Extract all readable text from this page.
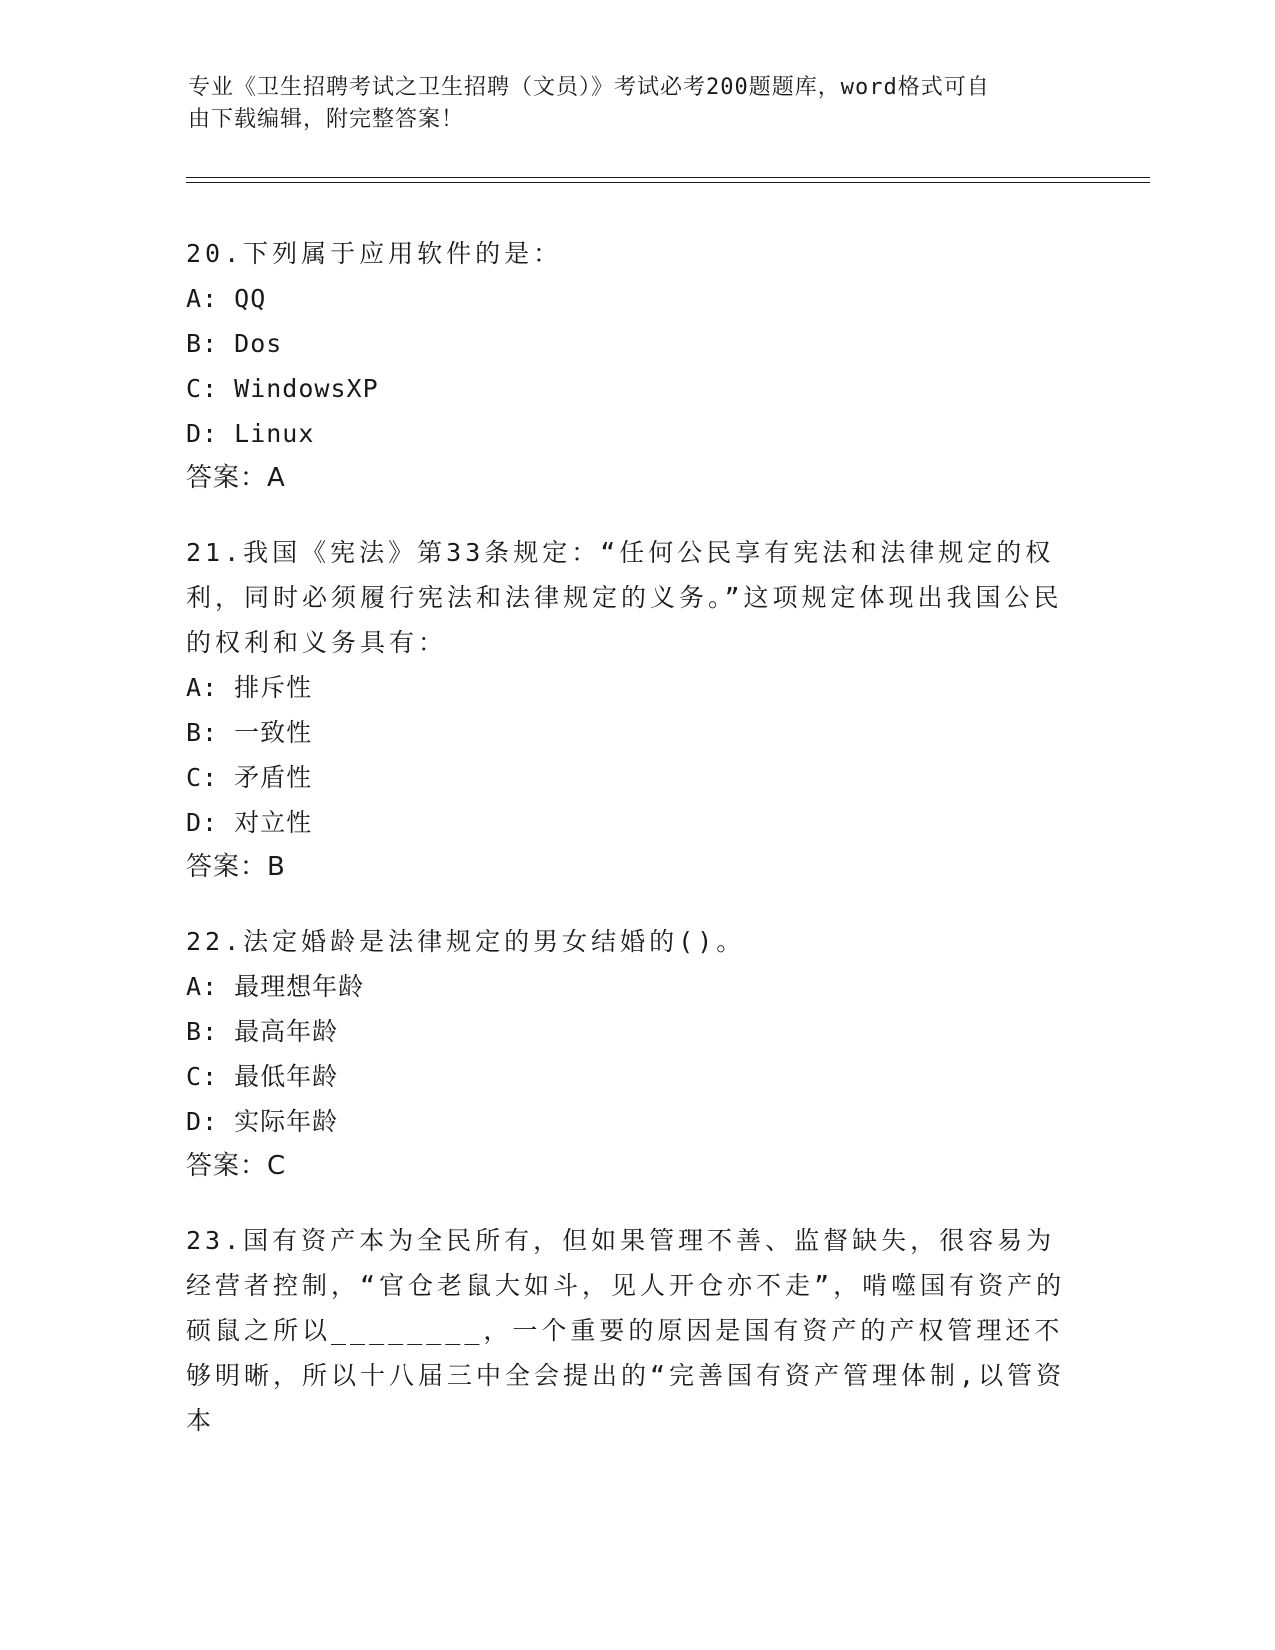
专业《卫生招聘考试之卫生招聘（文员）》考试必考200题题库，word格式可自
由下载编辑，附完整答案！
20.下列属于应用软件的是：
A: QQ
B: Dos
C: WindowsXP
D: Linux
答案：A
21.我国《宪法》第33条规定：“任何公民享有宪法和法律规定的权利，同时必须履行宪法和法律规定的义务。”这项规定体现出我国公民的权利和义务具有：
A: 排斥性
B: 一致性
C: 矛盾性
D: 对立性
答案：B
22.法定婚龄是法律规定的男女结婚的()。
A: 最理想年龄
B: 最高年龄
C: 最低年龄
D: 实际年龄
答案：C
23.国有资产本为全民所有，但如果管理不善、监督缺失，很容易为经营者控制，“官仓老鼠大如斗，见人开仓亦不走”，啃噬国有资产的硕鼠之所以________，一个重要的原因是国有资产的产权管理还不够明晰，所以十八届三中全会提出的“完善国有资产管理体制,以管资本
